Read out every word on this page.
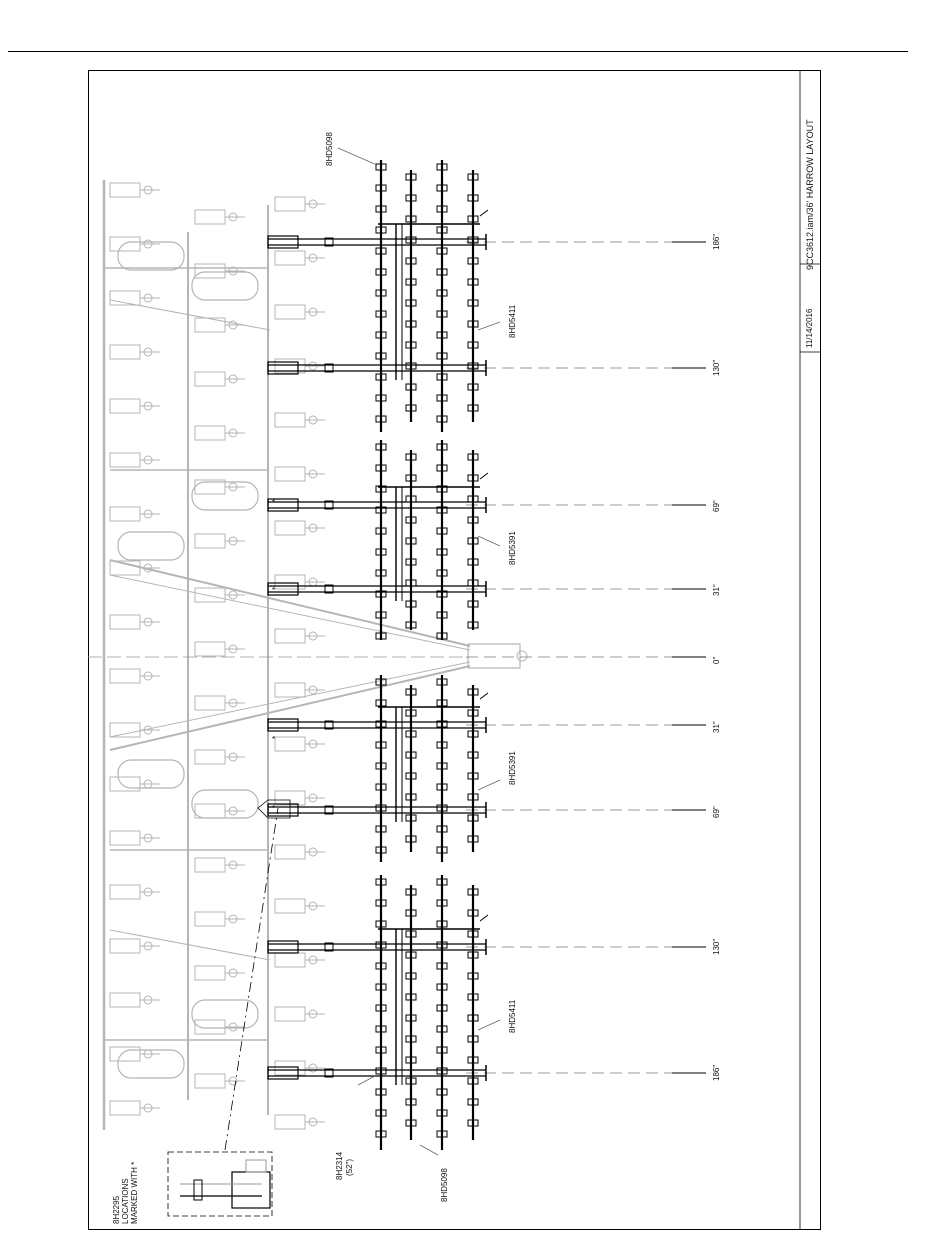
9CC3612.iam/36' HARROW LAYOUT
11/14/2016
186"
130"
69"
31"
0"
31"
69"
130"
186"
8HD5098
8HD5411
8HD5391
8HD5391
8HD5411
8HD5098
8H2314 (52")
8H2295
LOCATIONS
MARKED WITH *
*
*
*
*
